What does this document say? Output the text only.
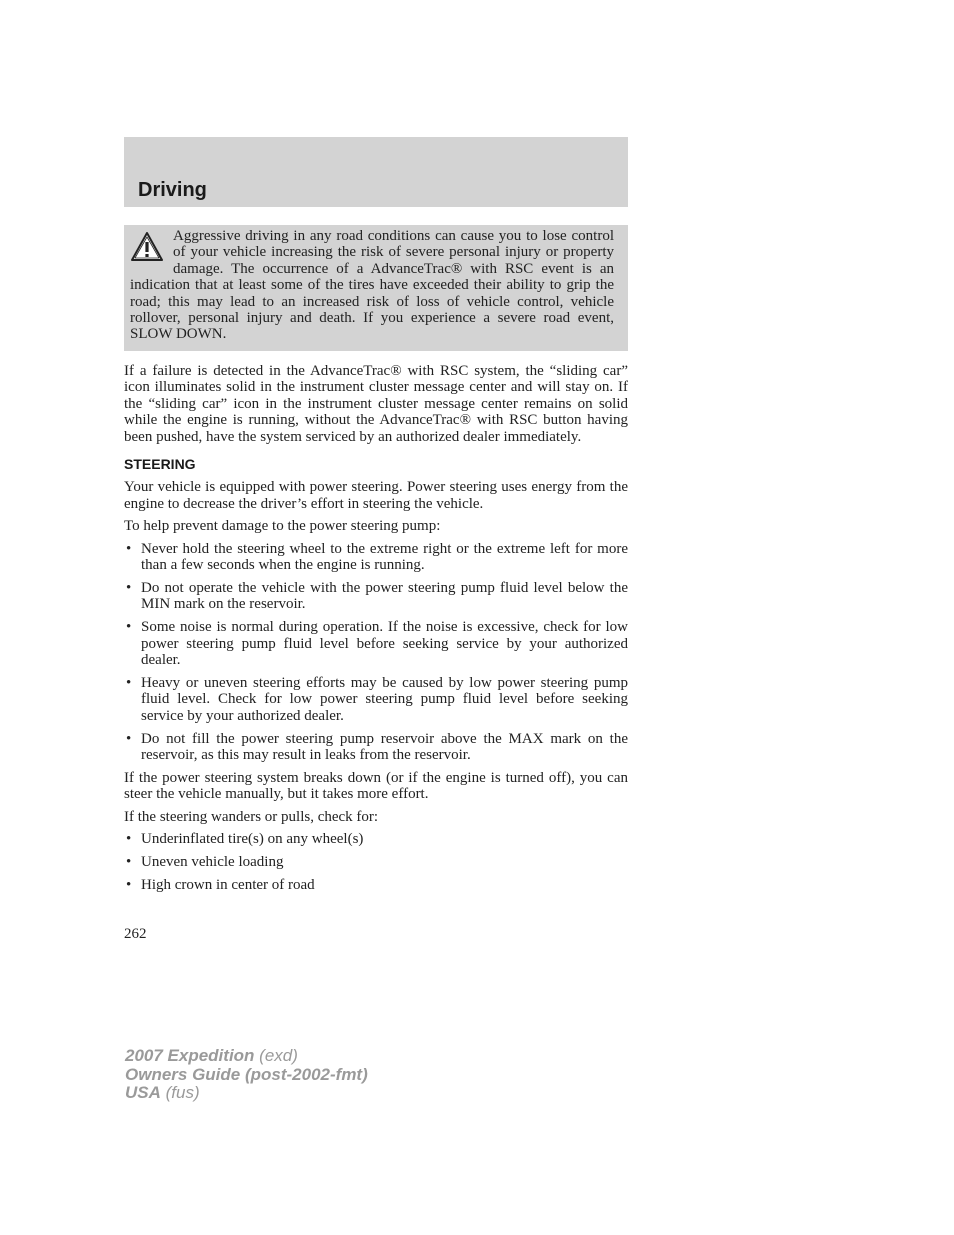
Driving
Aggressive driving in any road conditions can cause you to lose control of your vehicle increasing the risk of severe personal injury or property damage. The occurrence of a AdvanceTrac® with RSC event is an indication that at least some of the tires have exceeded their ability to grip the road; this may lead to an increased risk of loss of vehicle control, vehicle rollover, personal injury and death. If you experience a severe road event, SLOW DOWN.

If a failure is detected in the AdvanceTrac® with RSC system, the “sliding car” icon illuminates solid in the instrument cluster message center and will stay on. If the “sliding car” icon in the instrument cluster message center remains on solid while the engine is running, without the AdvanceTrac® with RSC button having been pushed, have the system serviced by an authorized dealer immediately.

STEERING

Your vehicle is equipped with power steering. Power steering uses energy from the engine to decrease the driver’s effort in steering the vehicle.

To help prevent damage to the power steering pump:

• Never hold the steering wheel to the extreme right or the extreme left for more than a few seconds when the engine is running.
• Do not operate the vehicle with the power steering pump fluid level below the MIN mark on the reservoir.
• Some noise is normal during operation. If the noise is excessive, check for low power steering pump fluid level before seeking service by your authorized dealer.
• Heavy or uneven steering efforts may be caused by low power steering pump fluid level. Check for low power steering pump fluid level before seeking service by your authorized dealer.
• Do not fill the power steering pump reservoir above the MAX mark on the reservoir, as this may result in leaks from the reservoir.

If the power steering system breaks down (or if the engine is turned off), you can steer the vehicle manually, but it takes more effort.

If the steering wanders or pulls, check for:

• Underinflated tire(s) on any wheel(s)
• Uneven vehicle loading
• High crown in center of road
262
2007 Expedition (exd)
Owners Guide (post-2002-fmt)
USA (fus)
